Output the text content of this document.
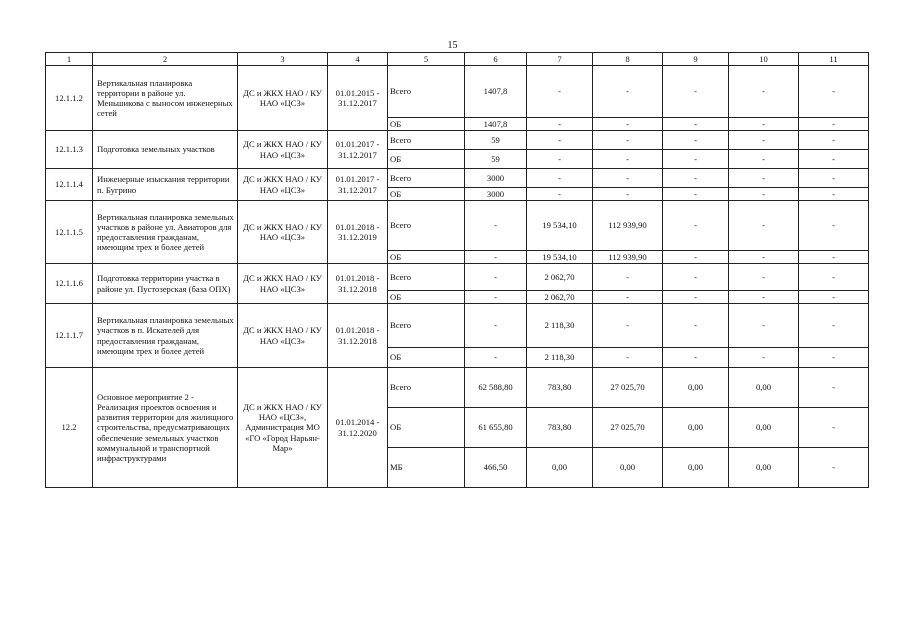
15
1	2	3	4	5	6	7	8	9	10	11
12.1.1.2	Вертикальная планировка территории в районе ул. Меньшикова с выносом инженерных сетей	ДС и ЖКХ НАО / КУ НАО «ЦСЗ»	01.01.2015 - 31.12.2017	Всего	1407,8	-	-	-	-	-
				ОБ	1407,8	-	-	-	-	-
12.1.1.3	Подготовка земельных участков	ДС и ЖКХ НАО / КУ НАО «ЦСЗ»	01.01.2017 - 31.12.2017	Всего	59	-	-	-	-	-
				ОБ	59	-	-	-	-	-
12.1.1.4	Инженерные изыскания территории п. Бугрино	ДС и ЖКХ НАО / КУ НАО «ЦСЗ»	01.01.2017 - 31.12.2017	Всего	3000	-	-	-	-	-
				ОБ	3000	-	-	-	-	-
12.1.1.5	Вертикальная планировка земельных участков в районе ул. Авиаторов для предоставления гражданам, имеющим трех и более детей	ДС и ЖКХ НАО / КУ НАО «ЦСЗ»	01.01.2018 - 31.12.2019	Всего	-	19 534,10	112 939,90	-	-	-
				ОБ	-	19 534,10	112 939,90	-	-	-
12.1.1.6	Подготовка территории участка в районе ул. Пустозерская (база ОПХ)	ДС и ЖКХ НАО / КУ НАО «ЦСЗ»	01.01.2018 - 31.12.2018	Всего	-	2 062,70	-	-	-	-
				ОБ	-	2 062,70	-	-	-	-
12.1.1.7	Вертикальная планировка земельных участков в п. Искателей для предоставления гражданам, имеющим трех и более детей	ДС и ЖКХ НАО / КУ НАО «ЦСЗ»	01.01.2018 - 31.12.2018	Всего	-	2 118,30	-	-	-	-
				ОБ	-	2 118,30	-	-	-	-
12.2	Основное мероприятие 2 - Реализация проектов освоения и развития территории для жилищного строительства, предусматривающих обеспечение земельных участков коммунальной и транспортной инфраструктурами	ДС и ЖКХ НАО / КУ НАО «ЦСЗ», Администрация МО «ГО «Город Нарьян-Мар»	01.01.2014 - 31.12.2020	Всего	62 588,80	783,80	27 025,70	0,00	0,00	-
				ОБ	61 655,80	783,80	27 025,70	0,00	0,00	-
				МБ	466,50	0,00	0,00	0,00	0,00	-
